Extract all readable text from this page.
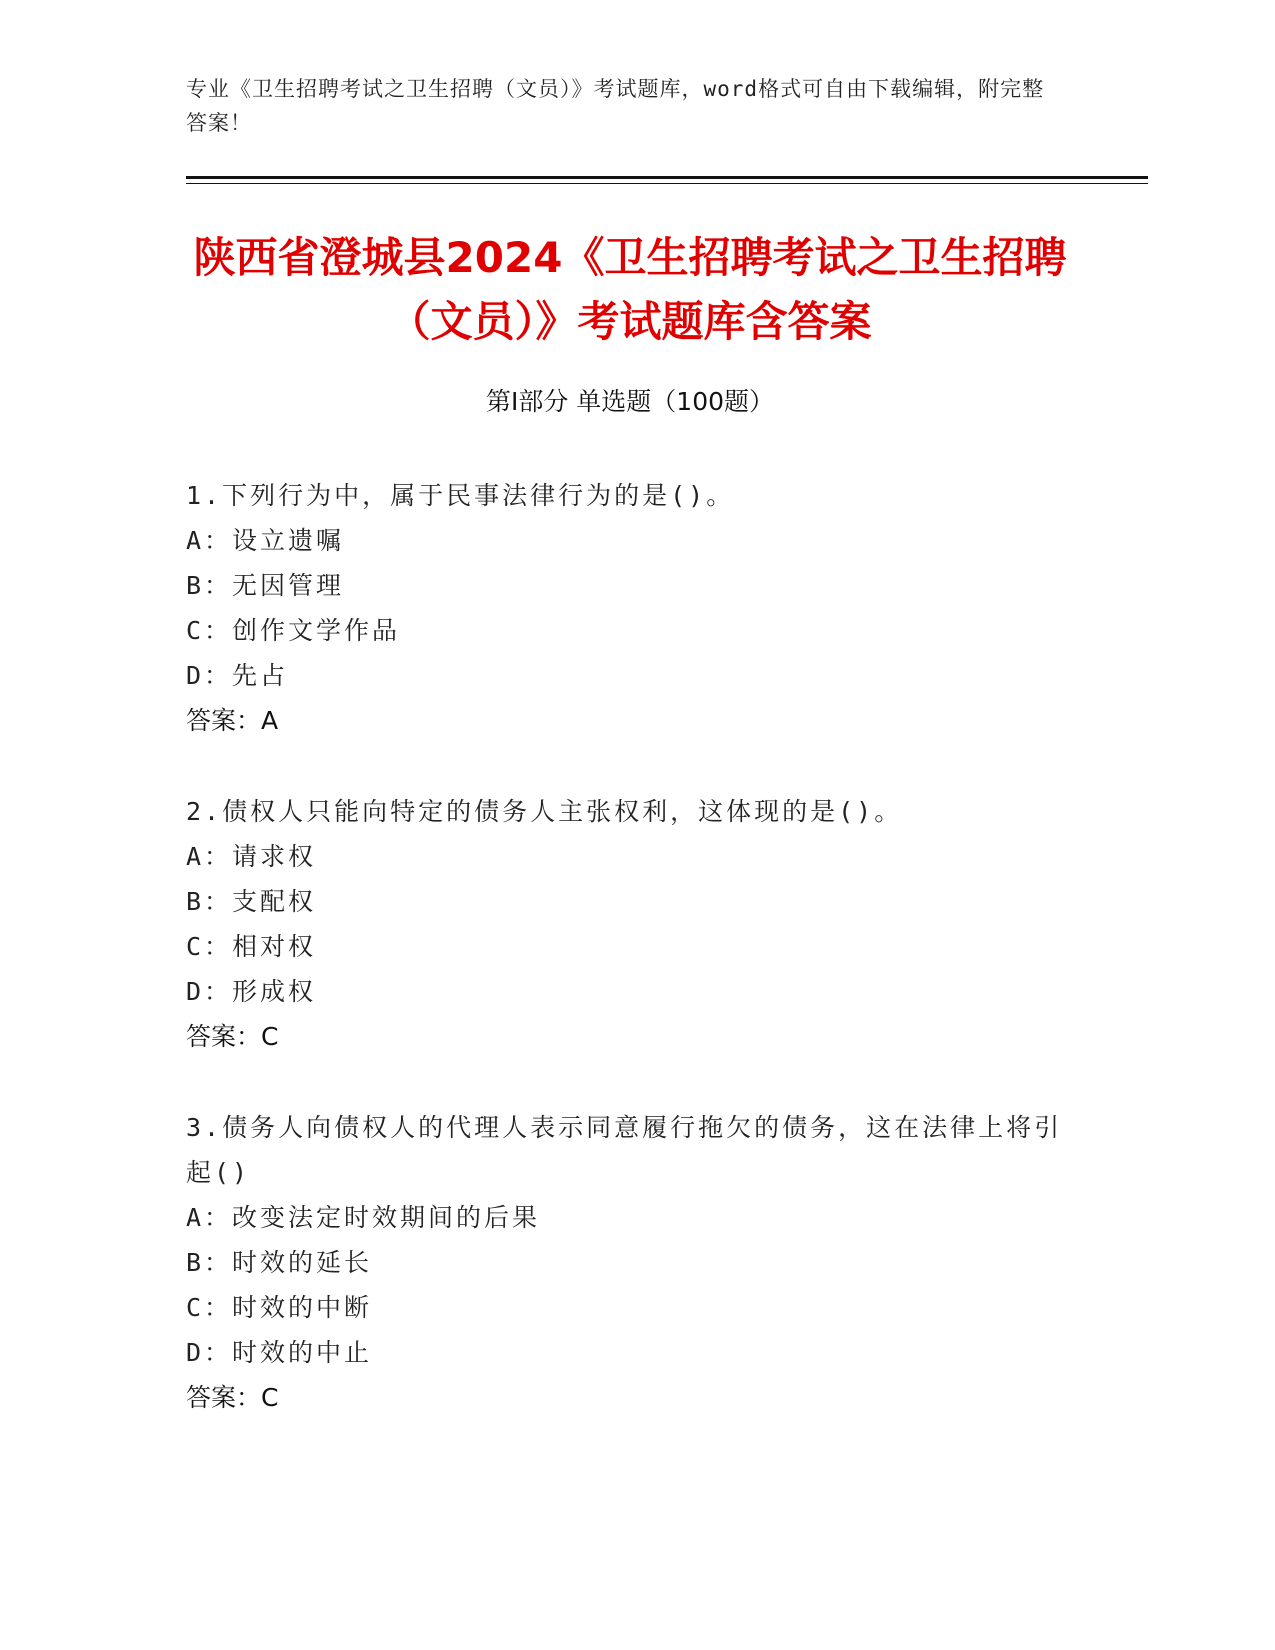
专业《卫生招聘考试之卫生招聘（文员）》考试题库，word格式可自由下载编辑，附完整答案！
陕西省澄城县2024《卫生招聘考试之卫生招聘（文员）》考试题库含答案
第Ⅰ部分 单选题（100题）
1.下列行为中，属于民事法律行为的是()。
A：设立遗嘱
B：无因管理
C：创作文学作品
D：先占
答案：A
2.债权人只能向特定的债务人主张权利，这体现的是()。
A：请求权
B：支配权
C：相对权
D：形成权
答案：C
3.债务人向债权人的代理人表示同意履行拖欠的债务，这在法律上将引起()
A：改变法定时效期间的后果
B：时效的延长
C：时效的中断
D：时效的中止
答案：C
